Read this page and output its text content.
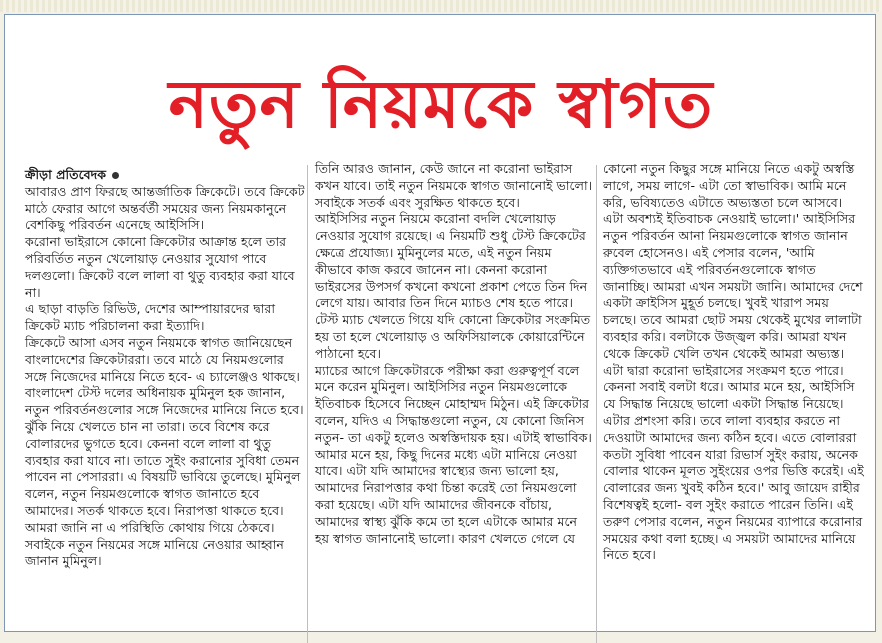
নতুন নিয়মকে স্বাগত

ক্রীড়া প্রতিবেদক

আবারও প্রাণ ফিরছে আন্তর্জাতিক ক্রিকেটে। তবে ক্রিকেট মাঠে ফেরার আগে অন্তর্বর্তী সময়ের জন্য নিয়মকানুনে বেশকিছু পরিবর্তন এনেছে আইসিসি।

করোনা ভাইরাসে কোনো ক্রিকেটার আক্রান্ত হলে তার পরিবর্তিত নতুন খেলোয়াড় নেওয়ার সুযোগ পাবে দলগুলো। ক্রিকেট বলে লালা বা থুতু ব্যবহার করা যাবে না।

এ ছাড়া বাড়তি রিভিউ, দেশের আম্পায়ারদের দ্বারা ক্রিকেট ম্যাচ পরিচালনা করা ইত্যাদি।

ক্রিকেটে আসা এসব নতুন নিয়মকে স্বাগত জানিয়েছেন বাংলাদেশের ক্রিকেটাররা। তবে মাঠে যে নিয়মগুলোর সঙ্গে নিজেদের মানিয়ে নিতে হবে- এ চ্যালেঞ্জও থাকছে। বাংলাদেশ টেস্ট দলের অধিনায়ক মুমিনুল হক জানান, নতুন পরিবর্তনগুলোর সঙ্গে নিজেদের মানিয়ে নিতে হবে। ঝুঁকি নিয়ে খেলতে চান না তারা। তবে বিশেষ করে বোলারদের ভুগতে হবে। কেননা বলে লালা বা থুতু ব্যবহার করা যাবে না। তাতে সুইং করানোর সুবিধা তেমন পাবেন না পেসাররা। এ বিষয়টি ভাবিয়ে তুলেছে। মুমিনুল বলেন, নতুন নিয়মগুলোকে স্বাগত জানাতে হবে আমাদের। সতর্ক থাকতে হবে। নিরাপত্তা থাকতে হবে। আমরা জানি না এ পরিস্থিতি কোথায় গিয়ে ঠেকবে। সবাইকে নতুন নিয়মের সঙ্গে মানিয়ে নেওয়ার আহ্বান জানান মুমিনুল।

তিনি আরও জানান, কেউ জানে না করোনা ভাইরাস কখন যাবে। তাই নতুন নিয়মকে স্বাগত জানানোই ভালো। সবাইকে সতর্ক এবং সুরক্ষিত থাকতে হবে।

আইসিসির নতুন নিয়মে করোনা বদলি খেলোয়াড় নেওয়ার সুযোগ রয়েছে। এ নিয়মটি শুধু টেস্ট ক্রিকেটের ক্ষেত্রে প্রযোজ্য। মুমিনুলের মতে, এই নতুন নিয়ম কীভাবে কাজ করবে জানেন না। কেননা করোনা ভাইরসের উপসর্গ কখনো কখনো প্রকাশ পেতে তিন দিন লেগে যায়। আবার তিন দিনে ম্যাচও শেষ হতে পারে। টেস্ট ম্যাচ খেলতে গিয়ে যদি কোনো ক্রিকেটার সংক্রমিত হয় তা হলে খেলোয়াড় ও অফিসিয়ালকে কোয়ারেন্টিনে পাঠানো হবে।

ম্যাচের আগে ক্রিকেটারকে পরীক্ষা করা গুরুত্বপূর্ণ বলে মনে করেন মুমিনুল। আইসিসির নতুন নিয়মগুলোকে ইতিবাচক হিসেবে নিচ্ছেন মোহাম্মদ মিঠুন। এই ক্রিকেটার বলেন, যদিও এ সিদ্ধান্তগুলো নতুন, যে কোনো জিনিস নতুন- তা একটু হলেও অস্বস্তিদায়ক হয়। এটাই স্বাভাবিক। আমার মনে হয়, কিছু দিনের মধ্যে এটা মানিয়ে নেওয়া যাবে। এটা যদি আমাদের স্বাস্থ্যের জন্য ভালো হয়, আমাদের নিরাপত্তার কথা চিন্তা করেই তো নিয়মগুলো করা হয়েছে। এটা যদি আমাদের জীবনকে বাঁচায়, আমাদের স্বাস্থ্য ঝুঁকি কমে তা হলে এটাকে আমার মনে হয় স্বাগত জানানোই ভালো। কারণ খেলতে গেলে যে

কোনো নতুন কিছুর সঙ্গে মানিয়ে নিতে একটু অস্বস্তি লাগে, সময় লাগে- এটা তো স্বাভাবিক। আমি মনে করি, ভবিষ্যতেও এটাতে অভ্যস্ততা চলে আসবে। এটা অবশ্যই ইতিবাচক নেওয়াই ভালো।' আইসিসির নতুন পরিবর্তন আনা নিয়মগুলোকে স্বাগত জানান রুবেল হোসেনও। এই পেসার বলেন, 'আমি ব্যক্তিগতভাবে এই পরিবর্তনগুলোকে স্বাগত জানাচ্ছি। আমরা এখন সময়টা জানি। আমাদের দেশে একটা ক্রাইসিস মুহূর্ত চলছে। খুবই খারাপ সময় চলছে। তবে আমরা ছোট সময় থেকেই মুখের লালাটা ব্যবহার করি। বলটাকে উজ্জ্বল করি। আমরা যখন থেকে ক্রিকেট খেলি তখন থেকেই আমরা অভ্যস্ত। এটা দ্বারা করোনা ভাইরাসের সংক্রমণ হতে পারে। কেননা সবাই বলটা ধরে। আমার মনে হয়, আইসিসি যে সিদ্ধান্ত নিয়েছে ভালো একটা সিদ্ধান্ত নিয়েছে। এটার প্রশংসা করি। তবে লালা ব্যবহার করতে না দেওয়াটা আমাদের জন্য কঠিন হবে। এতে বোলাররা কতটা সুবিধা পাবেন যারা রিভার্স সুইং করায়, অনেক বোলার থাকেন মূলত সুইংয়ের ওপর ভিত্তি করেই। এই বোলারের জন্য খুবই কঠিন হবে।' আবু জায়েদ রাহীর বিশেষত্বই হলো- বল সুইং করাতে পারেন তিনি। এই তরুণ পেসার বলেন, নতুন নিয়মের ব্যাপারে করোনার সময়ের কথা বলা হচ্ছে। এ সময়টা আমাদের মানিয়ে নিতে হবে।
